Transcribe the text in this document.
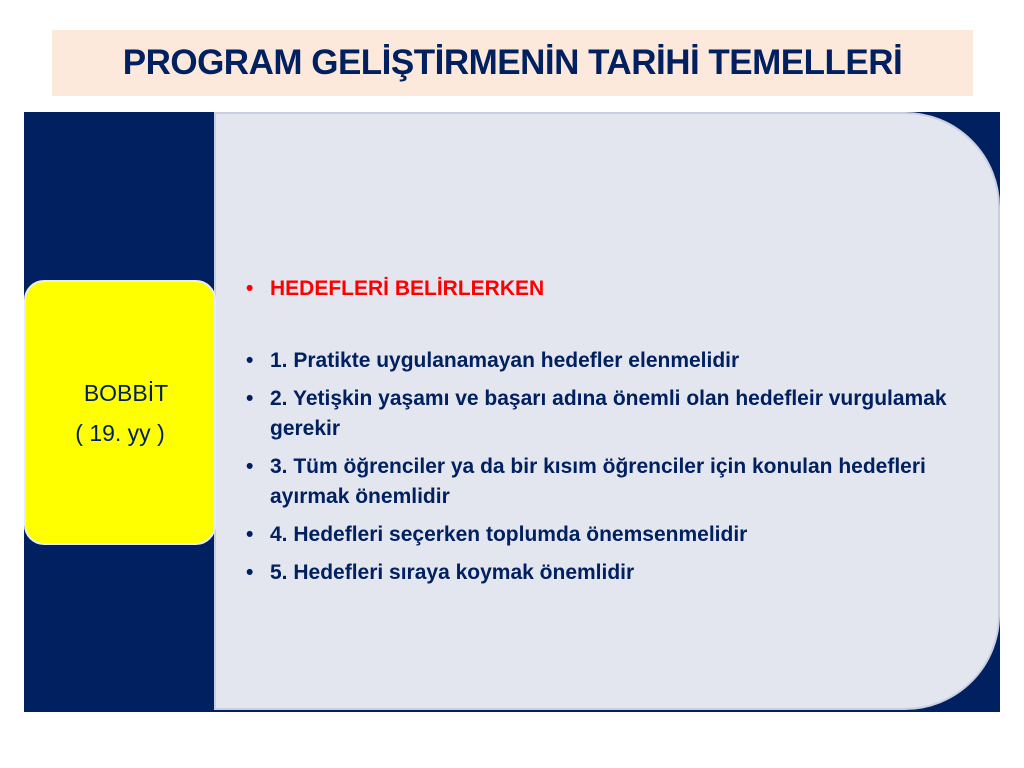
PROGRAM GELİŞTİRMENİN TARİHİ TEMELLERİ
BOBBİT
( 19. yy )
• HEDEFLERİ BELİRLERKEN
• 1. Pratikte uygulanamayan hedefler elenmelidir
• 2. Yetişkin yaşamı ve başarı adına önemli olan hedefleir vurgulamak gerekir
• 3. Tüm öğrenciler ya da bir kısım öğrenciler için konulan hedefleri ayırmak önemlidir
• 4. Hedefleri seçerken toplumda önemsenmelidir
• 5. Hedefleri sıraya koymak önemlidir
